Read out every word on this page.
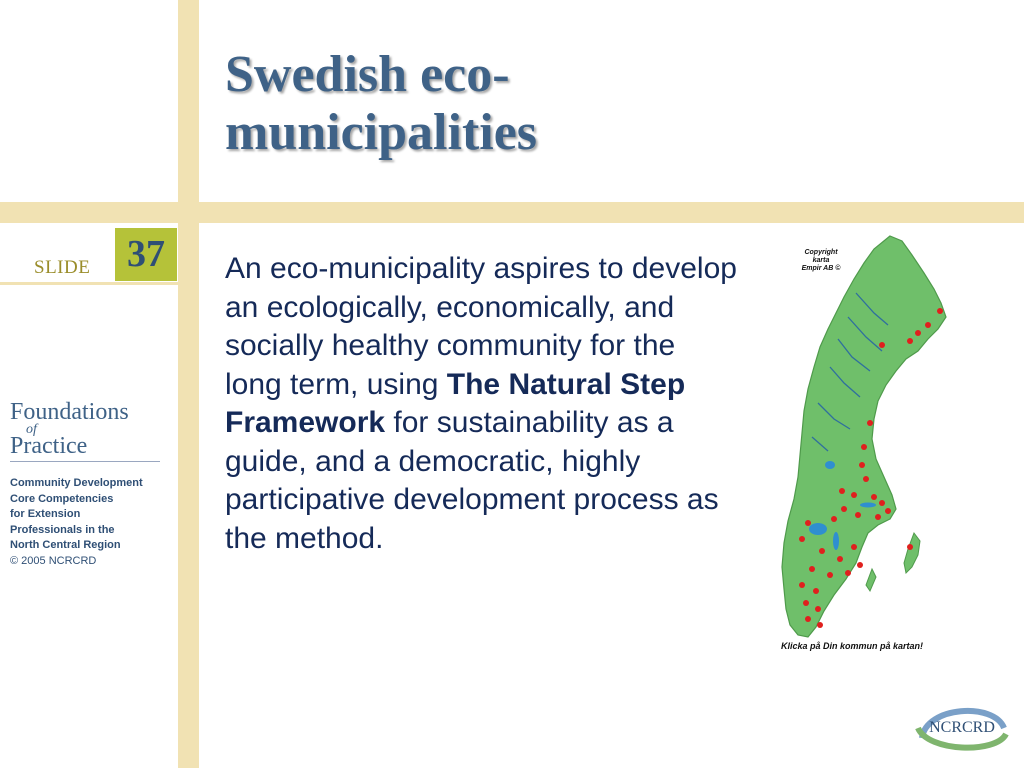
Swedish eco-
municipalities
SLIDE 37
Foundations
of
Practice
Community Development
Core Competencies
for Extension
Professionals in the
North Central Region
© 2005 NCRCRD

An eco-municipality aspires to develop an ecologically, economically, and socially healthy community for the long term, using The Natural Step Framework for sustainability as a guide, and a democratic, highly participative development process as the method.

Copyright
karta
Empir AB ©
Klicka på Din kommun på kartan!
NCRCRD
